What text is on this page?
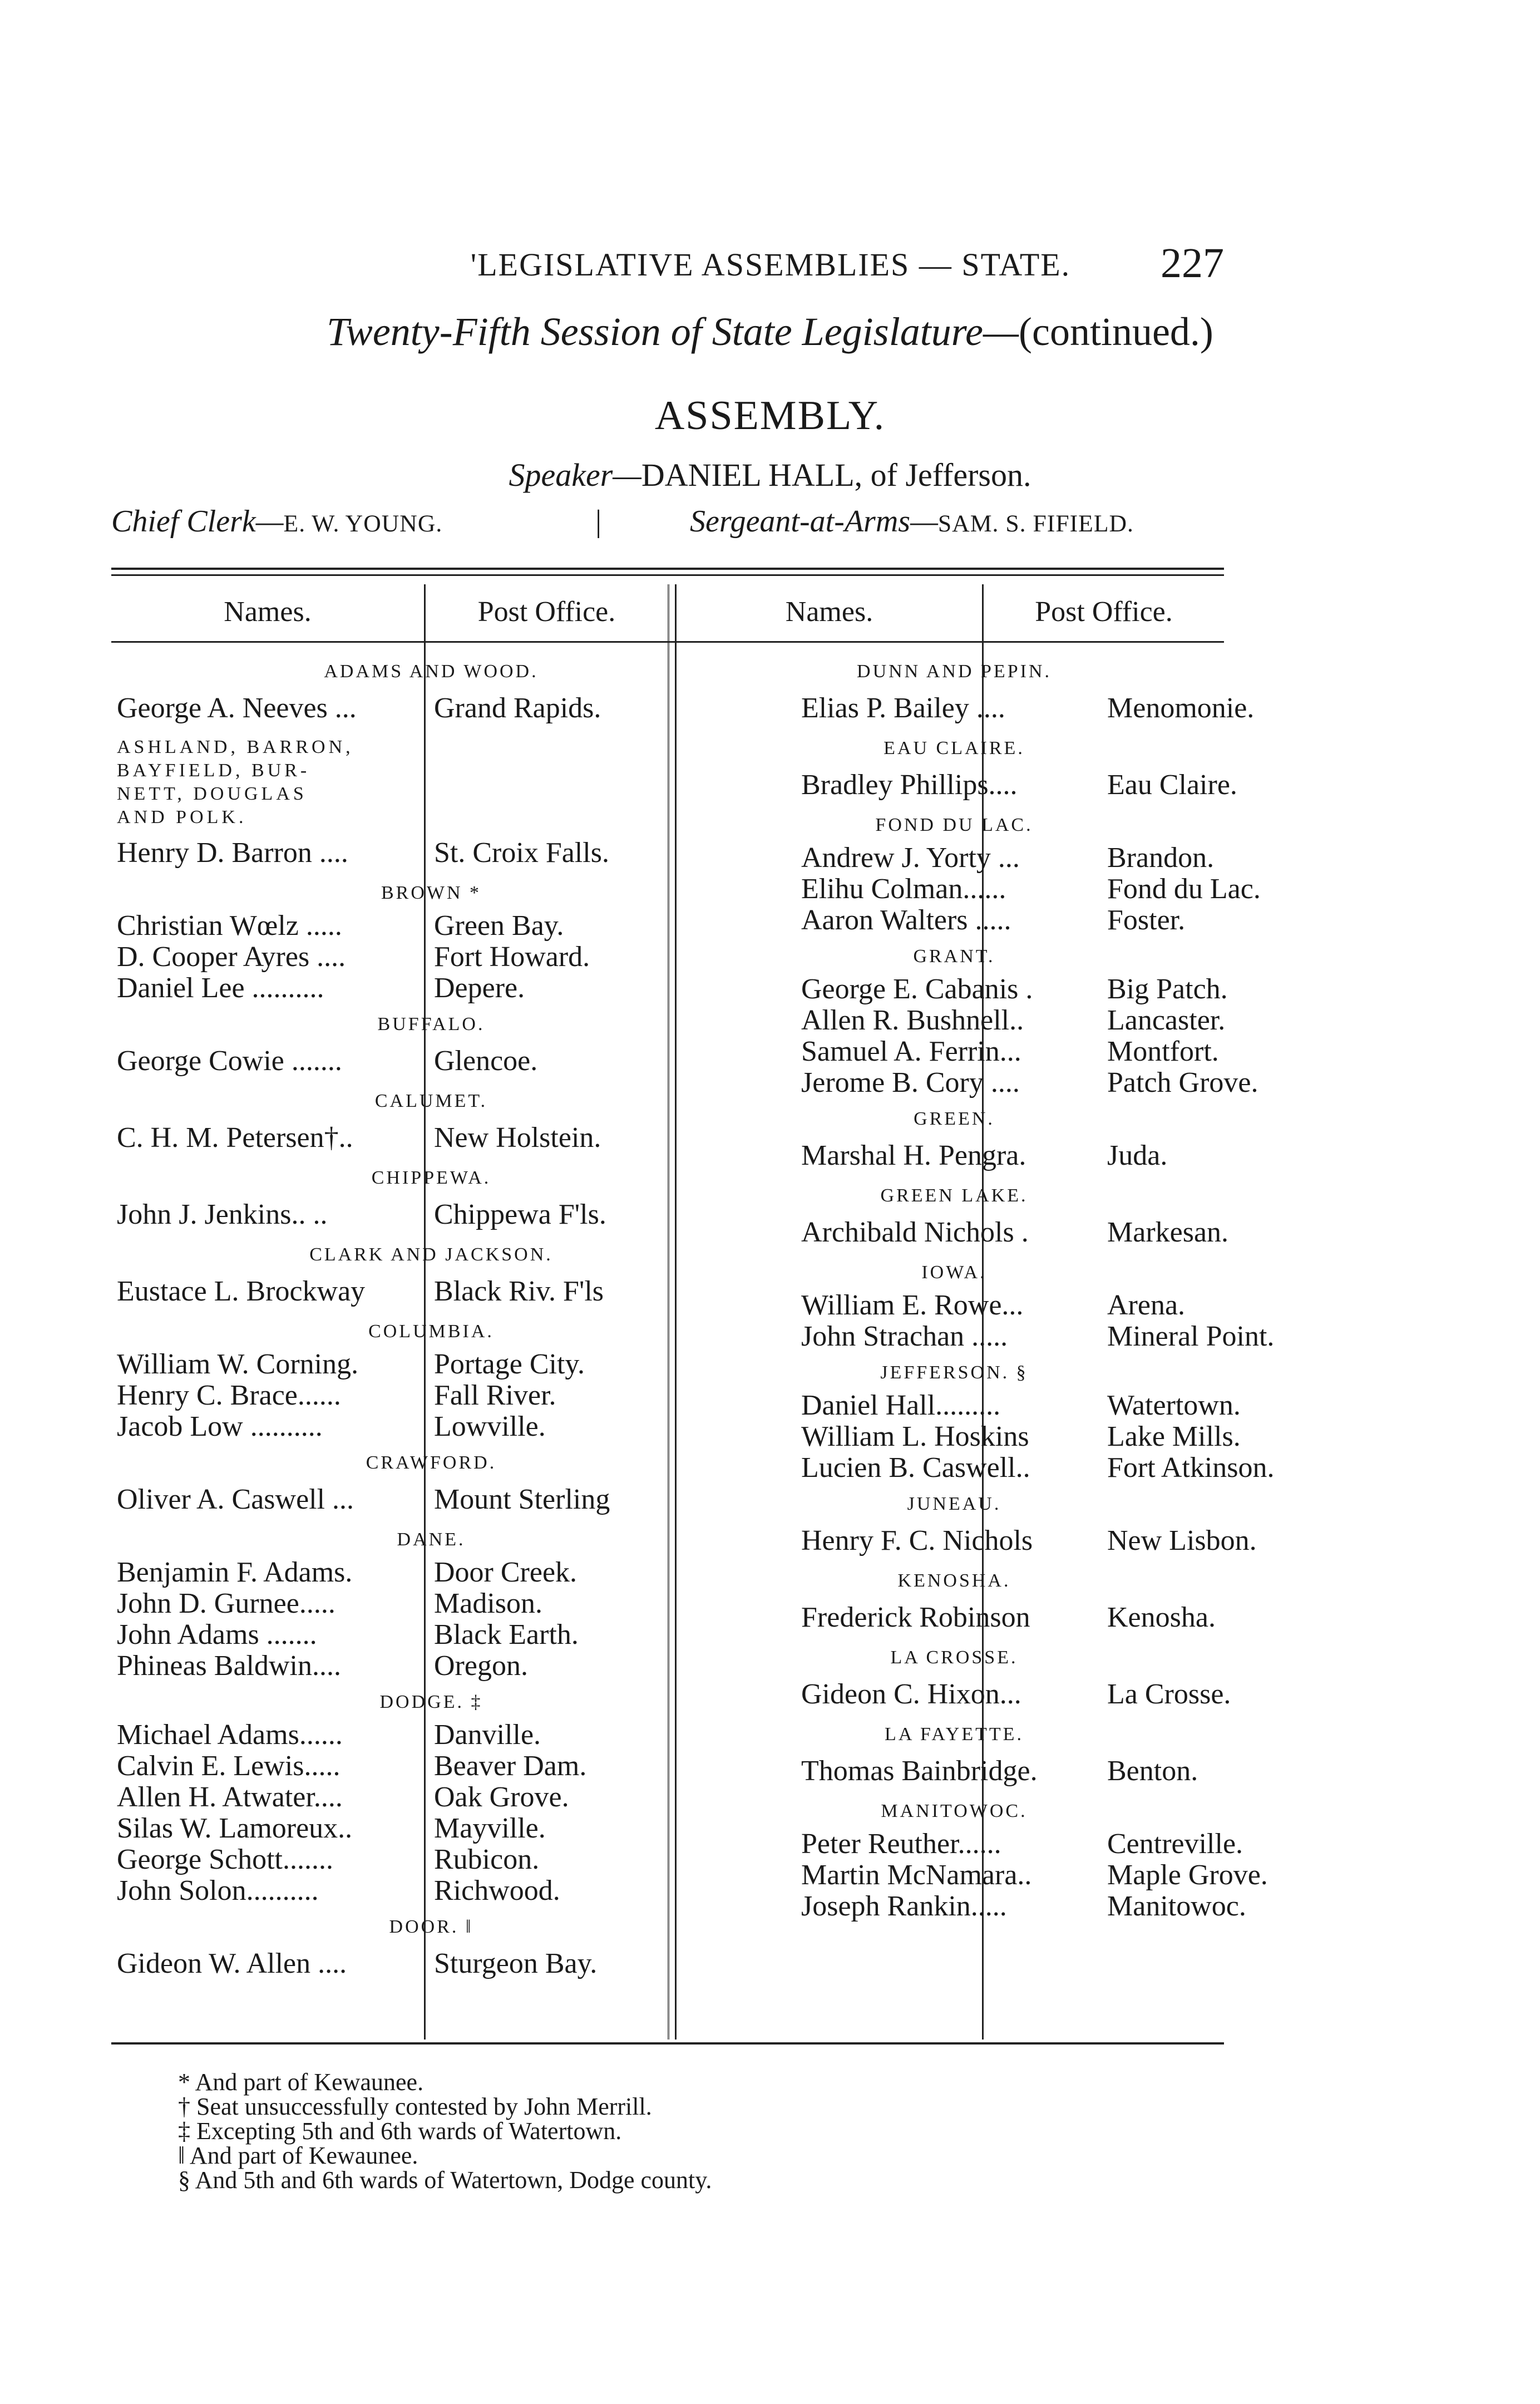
'LEGISLATIVE ASSEMBLIES — STATE.	227
Twenty-Fifth Session of State Legislature—(continued.)
ASSEMBLY.
Speaker—DANIEL HALL, of Jefferson.
Chief Clerk—E. W. YOUNG.	|	Sergeant-at-Arms—SAM. S. FIFIELD.
Names.	Post Office.	Names.	Post Office.
ADAMS AND WOOD.
George A. Neeves ...	Grand Rapids.
ASHLAND, BARRON,
BAYFIELD, BUR-
NETT, DOUGLAS
AND POLK.
Henry D. Barron ....	St. Croix Falls.
BROWN *
Christian Wœlz .....	Green Bay.
D. Cooper Ayres ....	Fort Howard.
Daniel Lee ..........	Depere.
BUFFALO.
George Cowie .......	Glencoe.
CALUMET.
C. H. M. Petersen†..	New Holstein.
CHIPPEWA.
John J. Jenkins.. ..	Chippewa F'ls.
CLARK AND JACKSON.
Eustace L. Brockway Black Riv. F'ls
COLUMBIA.
William W. Corning.	Portage City.
Henry C. Brace......	Fall River.
Jacob Low ..........	Lowville.
CRAWFORD.
Oliver A. Caswell ...	Mount Sterling
DANE.
Benjamin F. Adams.	Door Creek.
John D. Gurnee.....	Madison.
John Adams .......	Black Earth.
Phineas Baldwin....	Oregon.
DODGE. ‡
Michael Adams......	Danville.
Calvin E. Lewis.....	Beaver Dam.
Allen H. Atwater....	Oak Grove.
Silas W. Lamoreux..	Mayville.
George Schott.......	Rubicon.
John Solon..........	Richwood.
DOOR. ‖
Gideon W. Allen ....	Sturgeon Bay.
DUNN AND PEPIN.
Elias P. Bailey ....	Menomonie.
EAU CLAIRE.
Bradley Phillips....	Eau Claire.
FOND DU LAC.
Andrew J. Yorty ...	Brandon.
Elihu Colman......	Fond du Lac.
Aaron Walters .....	Foster.
GRANT.
George E. Cabanis .	Big Patch.
Allen R. Bushnell..	Lancaster.
Samuel A. Ferrin...	Montfort.
Jerome B. Cory ....	Patch Grove.
GREEN.
Marshal H. Pengra.	Juda.
GREEN LAKE.
Archibald Nichols .	Markesan.
IOWA.
William E. Rowe...	Arena.
John Strachan .....	Mineral Point.
JEFFERSON. §
Daniel Hall.........	Watertown.
William L. Hoskins	Lake Mills.
Lucien B. Caswell..	Fort Atkinson.
JUNEAU.
Henry F. C. Nichols	New Lisbon.
KENOSHA.
Frederick Robinson	Kenosha.
LA CROSSE.
Gideon C. Hixon...	La Crosse.
LA FAYETTE.
Thomas Bainbridge. Benton.
MANITOWOC.
Peter Reuther......	Centreville.
Martin McNamara..	Maple Grove.
Joseph Rankin.....	Manitowoc.
* And part of Kewaunee.
† Seat unsuccessfully contested by John Merrill.
‡ Excepting 5th and 6th wards of Watertown.
‖ And part of Kewaunee.
§ And 5th and 6th wards of Watertown, Dodge county.
